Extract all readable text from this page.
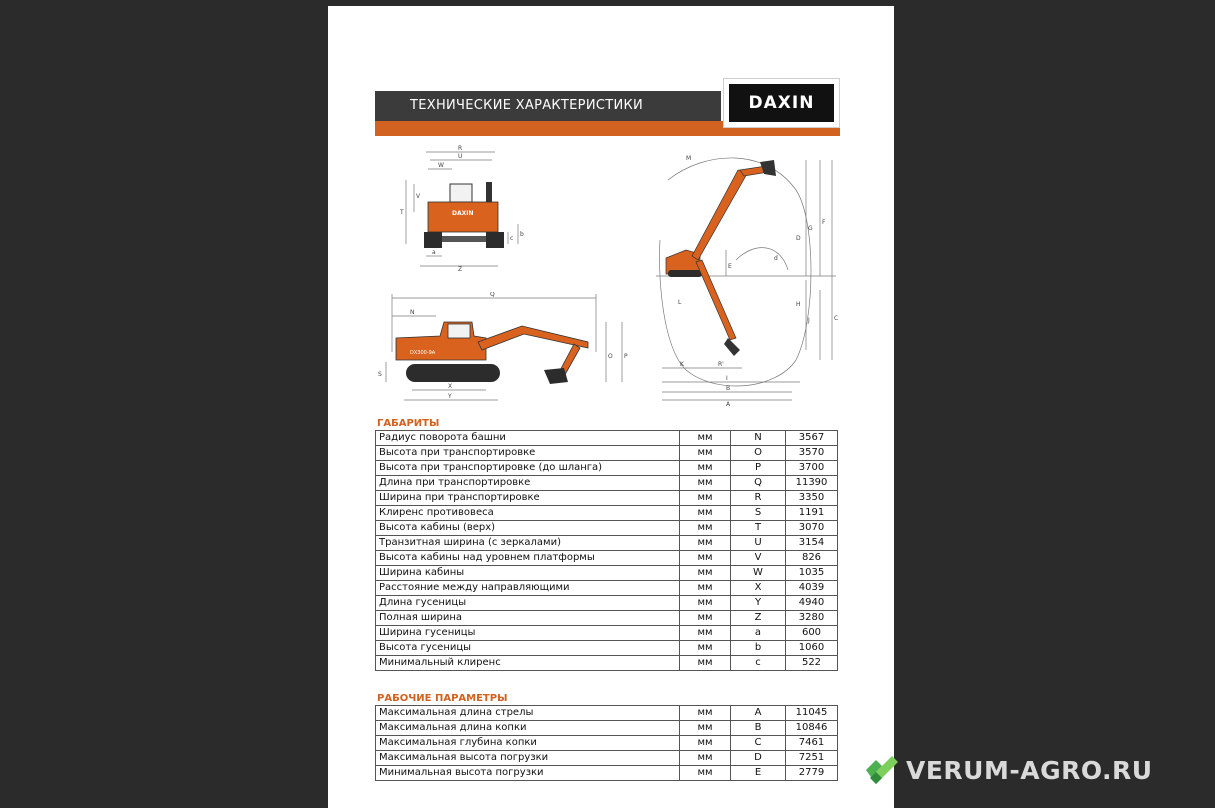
ТЕХНИЧЕСКИЕ ХАРАКТЕРИСТИКИ	DAXIN
DAXIN
R
U
W
V
T
c
b
a
Z
DX300-9A
Q
N
O P
S
X
Y
M
G
F
D
E
H
J	C
L
K	R'
I
B
A
d
ГАБАРИТЫ
Радиус поворота башни	мм	N	3567
Высота при транспортировке	мм	O	3570
Высота при транспортировке (до шланга)	мм	P	3700
Длина при транспортировке	мм	Q	11390
Ширина при транспортировке	мм	R	3350
Клиренс противовеса	мм	S	1191
Высота кабины (верх)	мм	T	3070
Транзитная ширина (с зеркалами)	мм	U	3154
Высота кабины над уровнем платформы	мм	V	826
Ширина кабины	мм	W	1035
Расстояние между направляющими	мм	X	4039
Длина гусеницы	мм	Y	4940
Полная ширина	мм	Z	3280
Ширина гусеницы	мм	a	600
Высота гусеницы	мм	b	1060
Минимальный клиренс	мм	c	522
РАБОЧИЕ ПАРАМЕТРЫ
Максимальная длина стрелы	мм	A	11045
Максимальная длина копки	мм	B	10846
Максимальная глубина копки	мм	C	7461
Максимальная высота погрузки	мм	D	7251
Минимальная высота погрузки	мм	E	2779	VERUM-AGRO.RU
